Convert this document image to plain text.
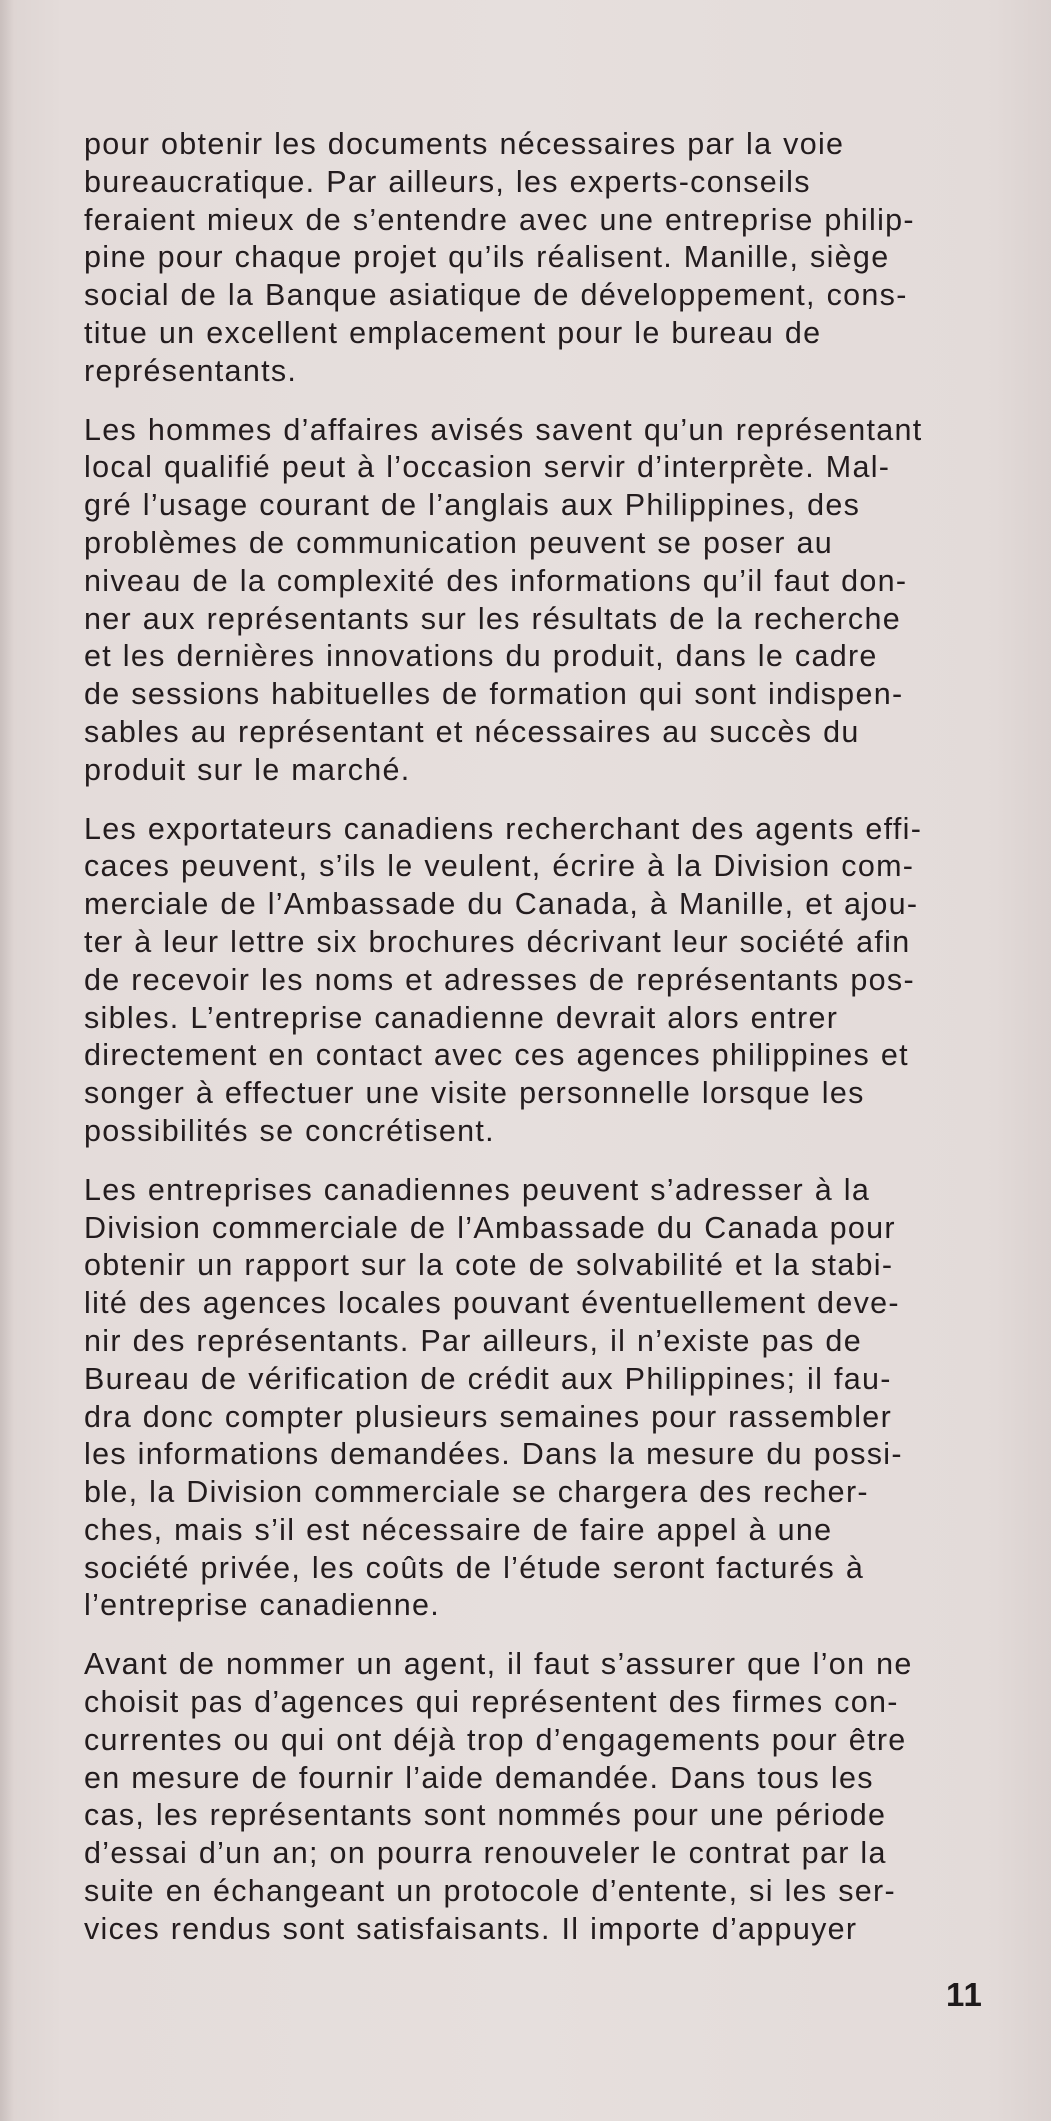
pour obtenir les documents nécessaires par la voie
bureaucratique. Par ailleurs, les experts-conseils
feraient mieux de s’entendre avec une entreprise philip-
pine pour chaque projet qu’ils réalisent. Manille, siège
social de la Banque asiatique de développement, cons-
titue un excellent emplacement pour le bureau de
représentants.
Les hommes d’affaires avisés savent qu’un représentant
local qualifié peut à l’occasion servir d’interprète. Mal-
gré l’usage courant de l’anglais aux Philippines, des
problèmes de communication peuvent se poser au
niveau de la complexité des informations qu’il faut don-
ner aux représentants sur les résultats de la recherche
et les dernières innovations du produit, dans le cadre
de sessions habituelles de formation qui sont indispen-
sables au représentant et nécessaires au succès du
produit sur le marché.
Les exportateurs canadiens recherchant des agents effi-
caces peuvent, s’ils le veulent, écrire à la Division com-
merciale de l’Ambassade du Canada, à Manille, et ajou-
ter à leur lettre six brochures décrivant leur société afin
de recevoir les noms et adresses de représentants pos-
sibles. L’entreprise canadienne devrait alors entrer
directement en contact avec ces agences philippines et
songer à effectuer une visite personnelle lorsque les
possibilités se concrétisent.
Les entreprises canadiennes peuvent s’adresser à la
Division commerciale de l’Ambassade du Canada pour
obtenir un rapport sur la cote de solvabilité et la stabi-
lité des agences locales pouvant éventuellement deve-
nir des représentants. Par ailleurs, il n’existe pas de
Bureau de vérification de crédit aux Philippines; il fau-
dra donc compter plusieurs semaines pour rassembler
les informations demandées. Dans la mesure du possi-
ble, la Division commerciale se chargera des recher-
ches, mais s’il est nécessaire de faire appel à une
société privée, les coûts de l’étude seront facturés à
l’entreprise canadienne.
Avant de nommer un agent, il faut s’assurer que l’on ne
choisit pas d’agences qui représentent des firmes con-
currentes ou qui ont déjà trop d’engagements pour être
en mesure de fournir l’aide demandée. Dans tous les
cas, les représentants sont nommés pour une période
d’essai d’un an; on pourra renouveler le contrat par la
suite en échangeant un protocole d’entente, si les ser-
vices rendus sont satisfaisants. Il importe d’appuyer
11
